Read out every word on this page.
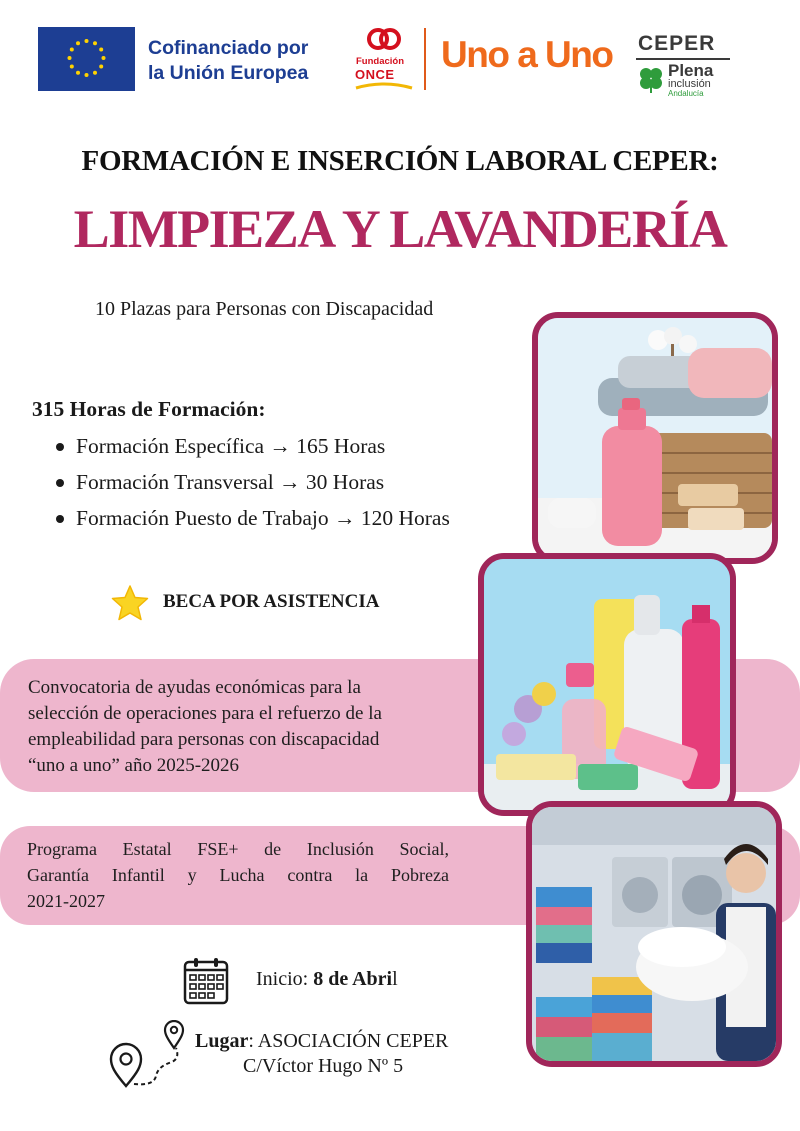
Cofinanciado por
la Unión Europea
Fundación
ONCE Uno a Uno CEPER
Plena
inclusión
Andalucía
FORMACIÓN E INSERCIÓN LABORAL CEPER:
LIMPIEZA Y LAVANDERÍA
10 Plazas para Personas con Discapacidad
315 Horas de Formación:
Formación Específica → 165 Horas
Formación Transversal → 30 Horas
Formación Puesto de Trabajo → 120 Horas
BECA POR ASISTENCIA
Convocatoria de ayudas económicas para la
selección de operaciones para el refuerzo de la
empleabilidad para personas con discapacidad
“uno a uno” año 2025-2026
Programa Estatal FSE+ de Inclusión Social,
Garantía Infantil y Lucha contra la Pobreza
2021-2027
Inicio: 8 de Abril
Lugar: ASOCIACIÓN CEPER
C/Víctor Hugo Nº 5
